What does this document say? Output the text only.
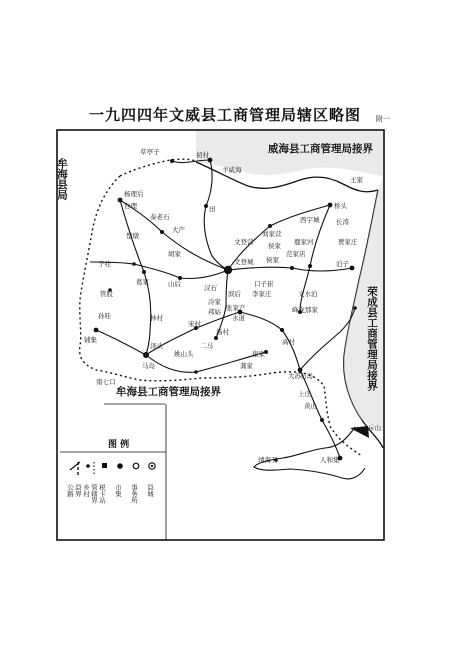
一九四四年文威县工商管理局辖区略图	附一
威海县工商管理局接界
牟海县局
荣成县工商管理局接界
牟海县工商管理局接界
草亭子	初村
羊威海
桥头
杨理后
台理
泰老石
大产
田
楚墩
文登营
刘家营
西字城	长涛
贾家庄
侯家 鹿家河
范家店
胡家
侯家
文登城	泊子
于哇
葛家	山后	口子崔
汉石
滨后 李家庄	文水泊
管股
孙哇	林村
张家产
冷家
水道
邦姑	峰龙那家
宋村
汤村
铺集
泽头	二马
姚山头
高村
崖家
南七口
龚家
马岛
上庄
黄山
大苏 石岛
人和集
靖海卫
斥山
王家
图 例
县城
事务所
市集
税卡站
乡村
公路 县界 管辖界
